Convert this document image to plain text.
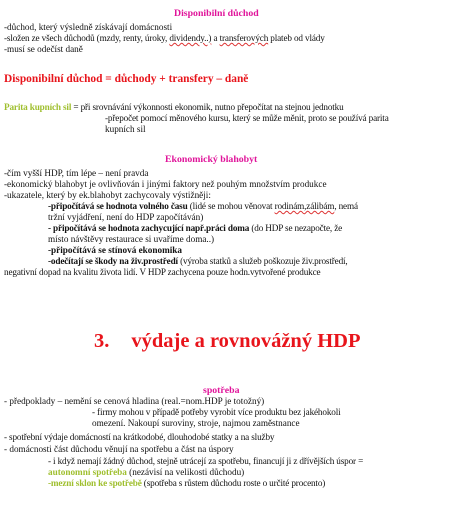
Disponibilní důchod
-důchod, který výsledně získávají domácnosti
-složen ze všech důchodů (mzdy, renty, úroky, dividendy..) a transferových plateb od vlády
-musí se odečíst daně
Disponibilní důchod = důchody + transfery – daně
Parita kupních sil = při srovnávání výkonnosti ekonomik, nutno přepočítat na stejnou jednotku
-přepočet pomocí měnového kursu, který se může měnit, proto se používá parita
kupních sil
Ekonomický blahobyt
-čím vyšší HDP, tím lépe – není pravda
-ekonomický blahobyt je ovlivňován i jinými faktory než pouhým množstvím produkce
-ukazatele, který by ek.blahobyt zachycovaly výstižněji:
-připočítává se hodnota volného času (lidé se mohou věnovat rodinám,zálibám, nemá
tržní vyjádření, není do HDP započítáván)
- připočítává se hodnota zachycující např.práci doma (do HDP se nezapočte, že
místo návštěvy restaurace si uvaříme doma..)
-připočítává se stínová ekonomika
-odečítají se škody na živ.prostředí (výroba statků a služeb poškozuje živ.prostředí,
negativní dopad na kvalitu života lidí. V HDP zachycena pouze hodn.vytvořené produkce
3. výdaje a rovnovážný HDP
spotřeba
- předpoklady – nemění se cenová hladina (real.=nom.HDP je totožný)
- firmy mohou v případě potřeby vyrobit více produktu bez jakéhokoli
omezení. Nakoupí suroviny, stroje, najmou zaměstnance
- spotřební výdaje domácností na krátkodobé, dlouhodobé statky a na služby
- domácnosti část důchodu věnují na spotřebu a část na úspory
- i když nemají žádný důchod, stejně utrácejí za spotřebu, financují ji z dřívějších úspor =
autonomní spotřeba (nezávisí na velikosti důchodu)
-mezní sklon ke spotřebě (spotřeba s růstem důchodu roste o určité procento)
